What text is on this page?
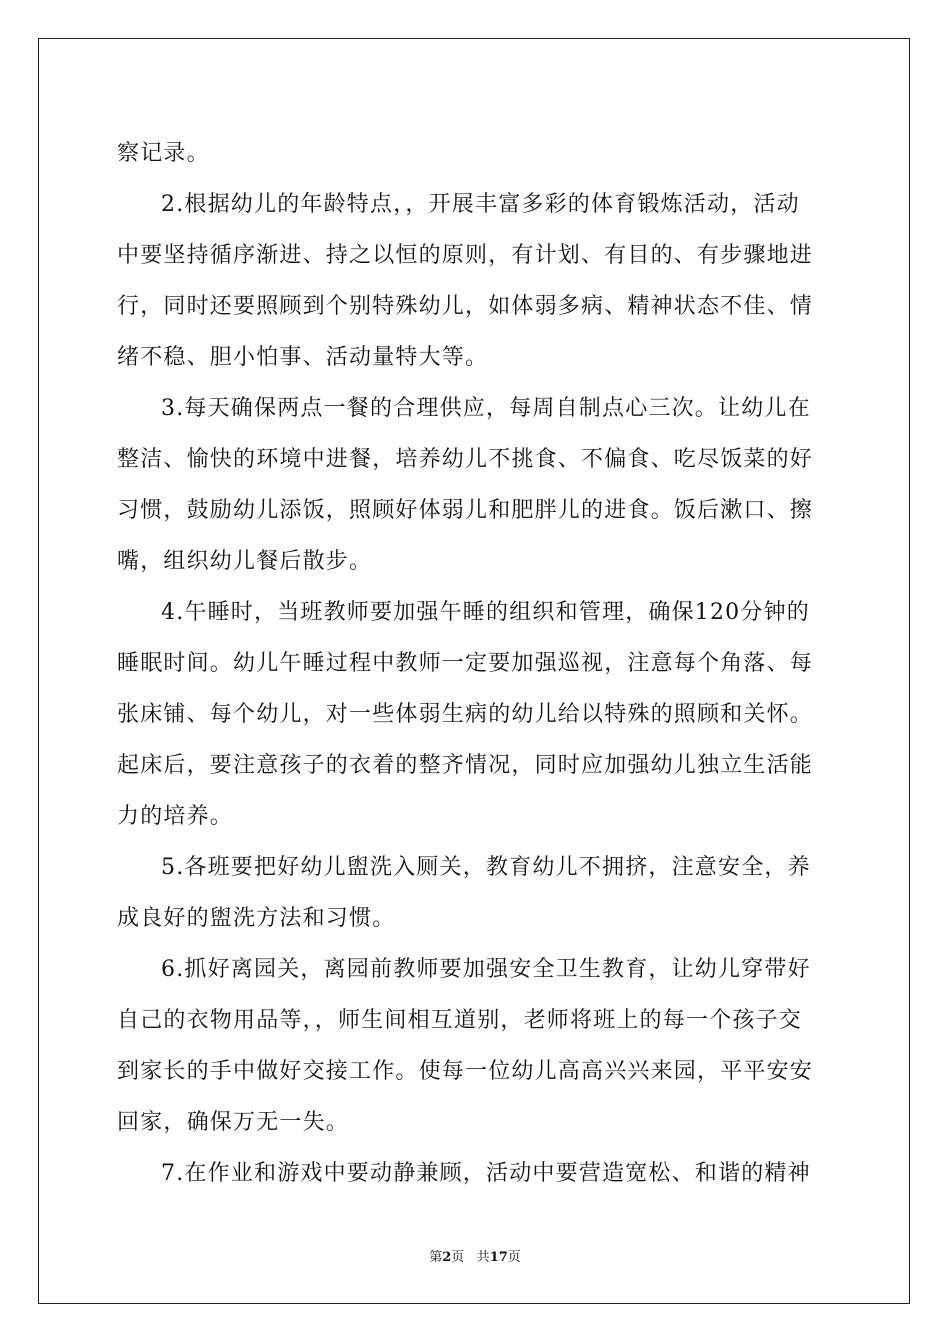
察记录。
2.根据幼儿的年龄特点，，开展丰富多彩的体育锻炼活动，活动
中要坚持循序渐进、持之以恒的原则，有计划、有目的、有步骤地进
行，同时还要照顾到个别特殊幼儿，如体弱多病、精神状态不佳、情
绪不稳、胆小怕事、活动量特大等。
3.每天确保两点一餐的合理供应，每周自制点心三次。让幼儿在
整洁、愉快的环境中进餐，培养幼儿不挑食、不偏食、吃尽饭菜的好
习惯，鼓励幼儿添饭，照顾好体弱儿和肥胖儿的进食。饭后漱口、擦
嘴，组织幼儿餐后散步。
4.午睡时，当班教师要加强午睡的组织和管理，确保120分钟的
睡眠时间。幼儿午睡过程中教师一定要加强巡视，注意每个角落、每
张床铺、每个幼儿，对一些体弱生病的幼儿给以特殊的照顾和关怀。
起床后，要注意孩子的衣着的整齐情况，同时应加强幼儿独立生活能
力的培养。
5.各班要把好幼儿盥洗入厕关，教育幼儿不拥挤，注意安全，养
成良好的盥洗方法和习惯。
6.抓好离园关，离园前教师要加强安全卫生教育，让幼儿穿带好
自己的衣物用品等，，师生间相互道别，老师将班上的每一个孩子交
到家长的手中做好交接工作。使每一位幼儿高高兴兴来园，平平安安
回家，确保万无一失。
7.在作业和游戏中要动静兼顾，活动中要营造宽松、和谐的精神
第2页 共17页
